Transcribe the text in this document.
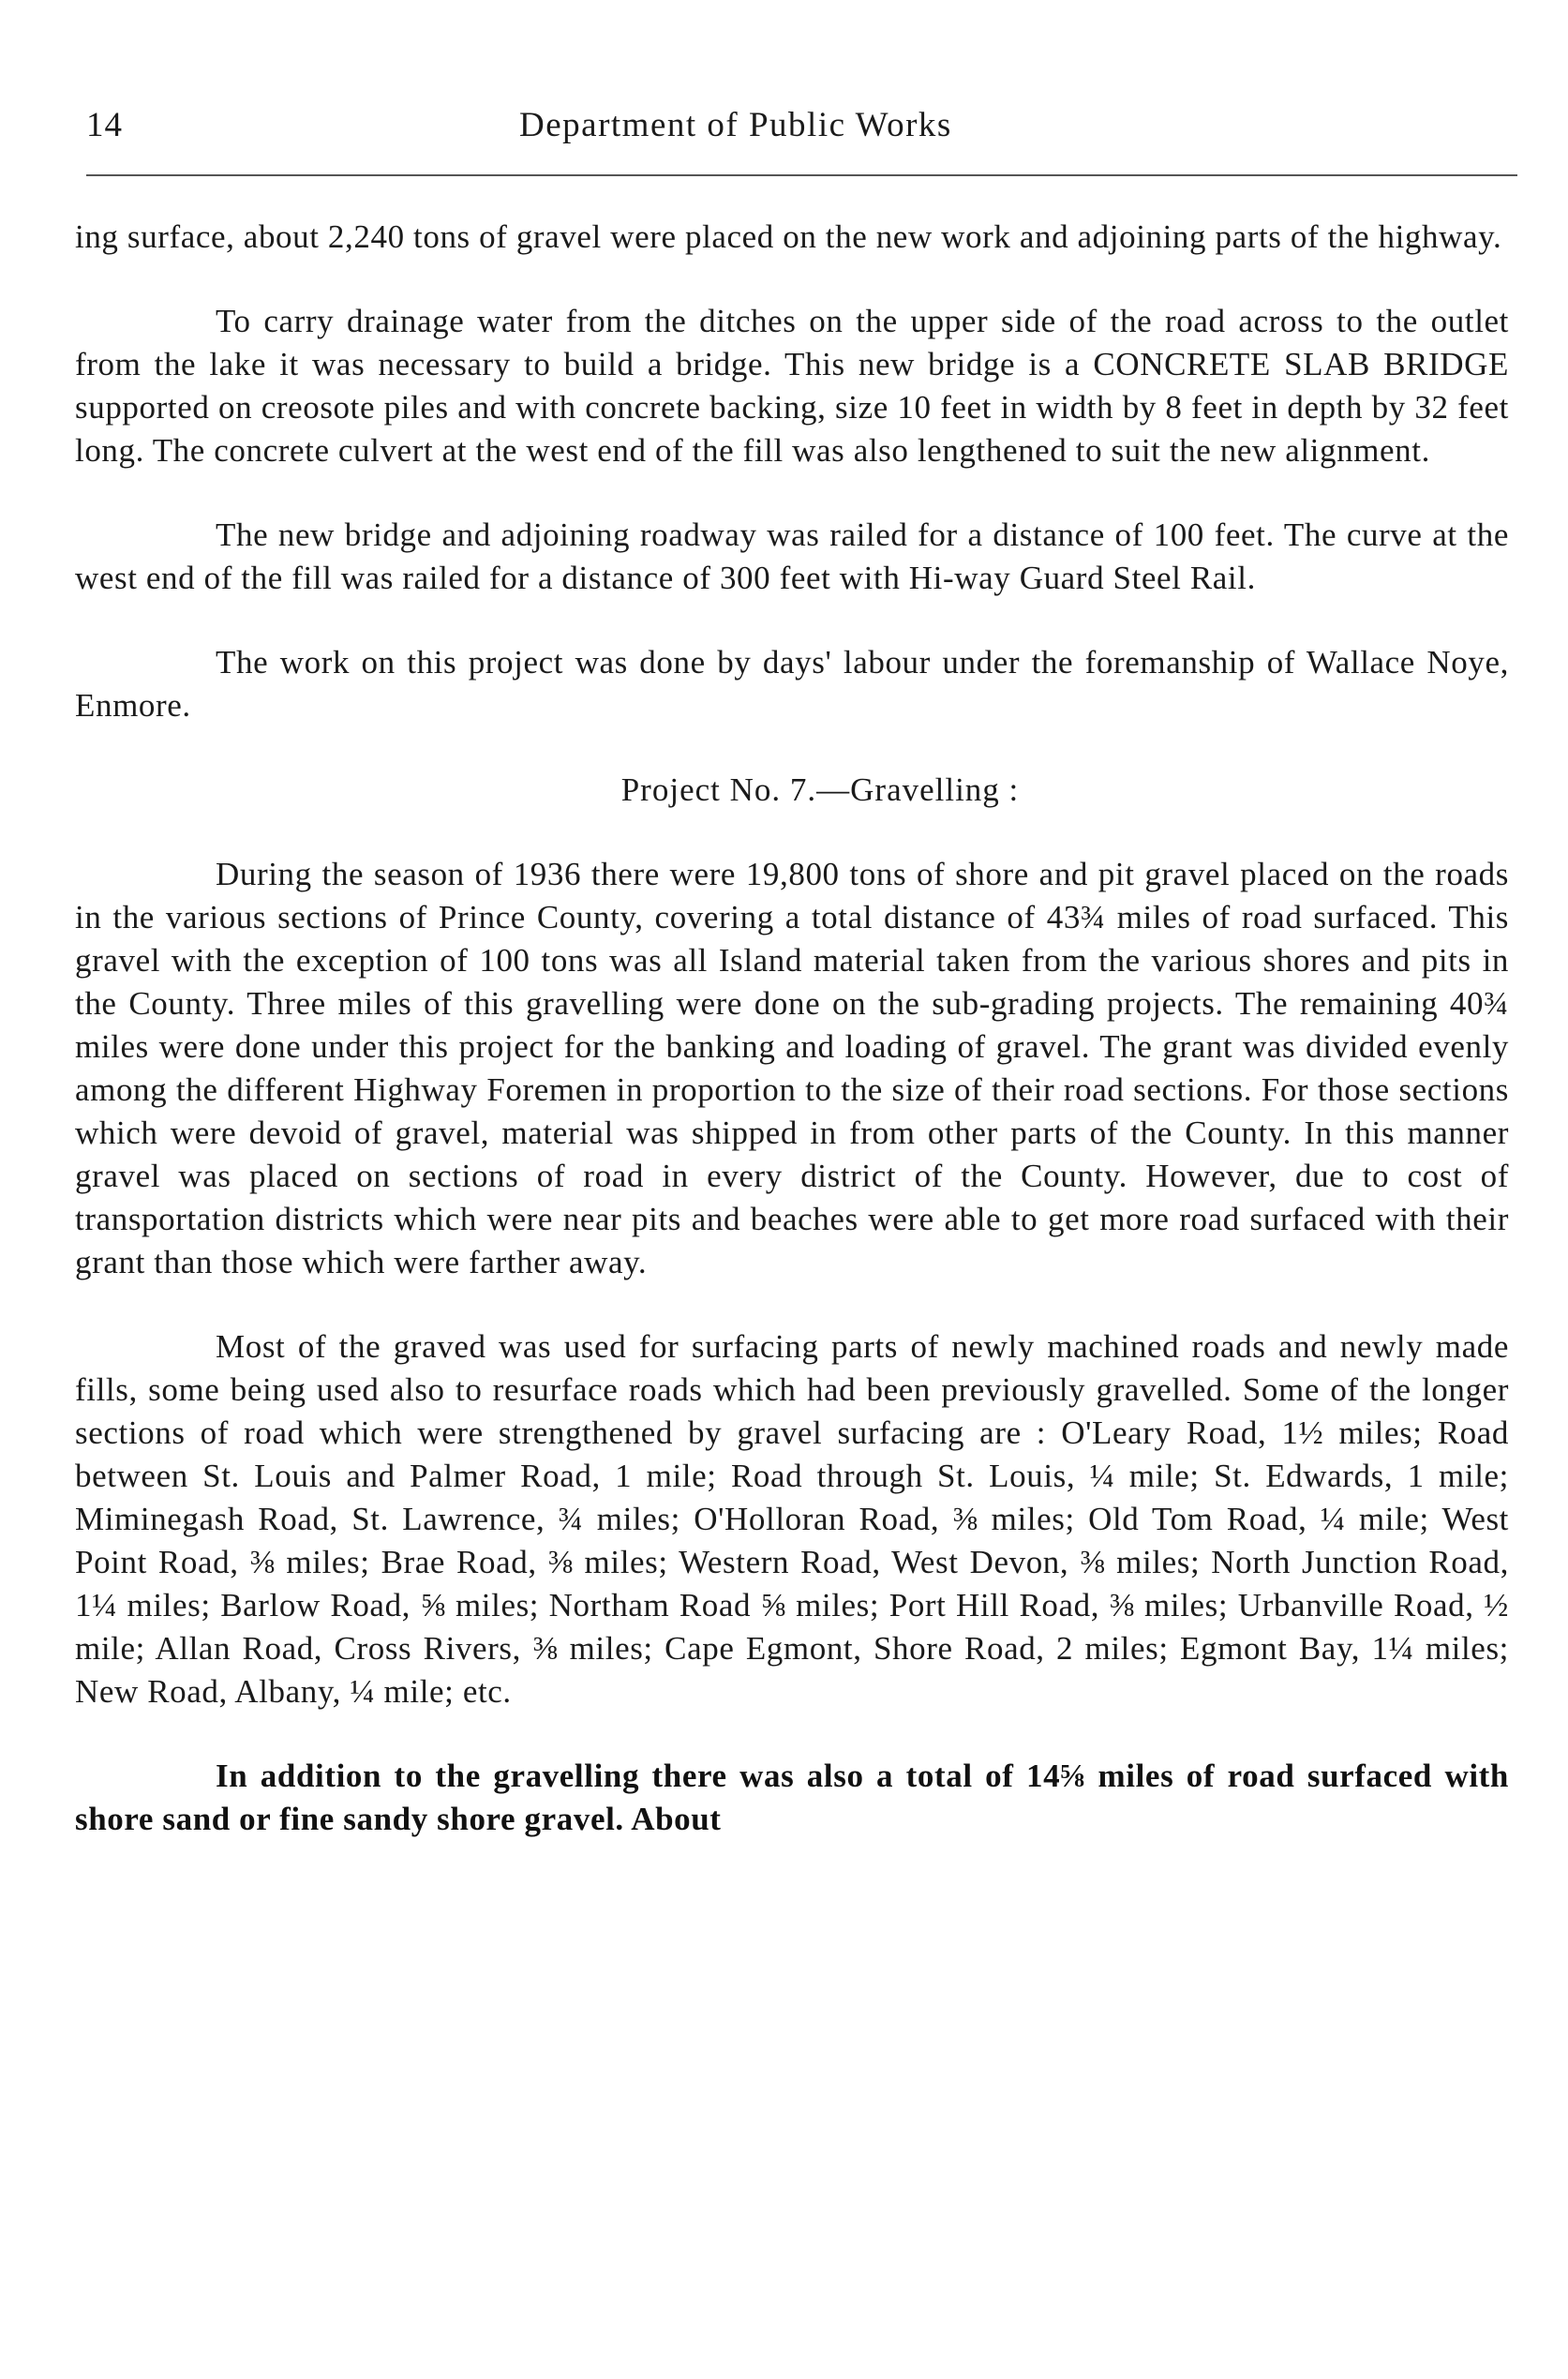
14	Department of Public Works

ing surface, about 2,240 tons of gravel were placed on the new work and adjoining parts of the highway.

To carry drainage water from the ditches on the upper side of the road across to the outlet from the lake it was necessary to build a bridge. This new bridge is a CONCRETE SLAB BRIDGE supported on creosote piles and with concrete backing, size 10 feet in width by 8 feet in depth by 32 feet long. The concrete culvert at the west end of the fill was also lengthened to suit the new alignment.

The new bridge and adjoining roadway was railed for a distance of 100 feet. The curve at the west end of the fill was railed for a distance of 300 feet with Hi-way Guard Steel Rail.

The work on this project was done by days' labour under the foremanship of Wallace Noye, Enmore.

Project No. 7.—Gravelling :

During the season of 1936 there were 19,800 tons of shore and pit gravel placed on the roads in the various sections of Prince County, covering a total distance of 43¾ miles of road surfaced. This gravel with the exception of 100 tons was all Island material taken from the various shores and pits in the County. Three miles of this gravelling were done on the sub-grading projects. The remaining 40¾ miles were done under this project for the banking and loading of gravel. The grant was divided evenly among the different Highway Foremen in proportion to the size of their road sections. For those sections which were devoid of gravel, material was shipped in from other parts of the County. In this manner gravel was placed on sections of road in every district of the County. However, due to cost of transportation districts which were near pits and beaches were able to get more road surfaced with their grant than those which were farther away.

Most of the graved was used for surfacing parts of newly machined roads and newly made fills, some being used also to resurface roads which had been previously gravelled. Some of the longer sections of road which were strengthened by gravel surfacing are : O'Leary Road, 1½ miles; Road between St. Louis and Palmer Road, 1 mile; Road through St. Louis, ¼ mile; St. Edwards, 1 mile; Miminegash Road, St. Lawrence, ¾ miles; O'Holloran Road, ⅜ miles; Old Tom Road, ¼ mile; West Point Road, ⅜ miles; Brae Road, ⅜ miles; Western Road, West Devon, ⅜ miles; North Junction Road, 1¼ miles; Barlow Road, ⅝ miles; Northam Road ⅝ miles; Port Hill Road, ⅜ miles; Urbanville Road, ½ mile; Allan Road, Cross Rivers, ⅜ miles; Cape Egmont, Shore Road, 2 miles; Egmont Bay, 1¼ miles; New Road, Albany, ¼ mile; etc.

In addition to the gravelling there was also a total of 14⅝ miles of road surfaced with shore sand or fine sandy shore gravel. About
